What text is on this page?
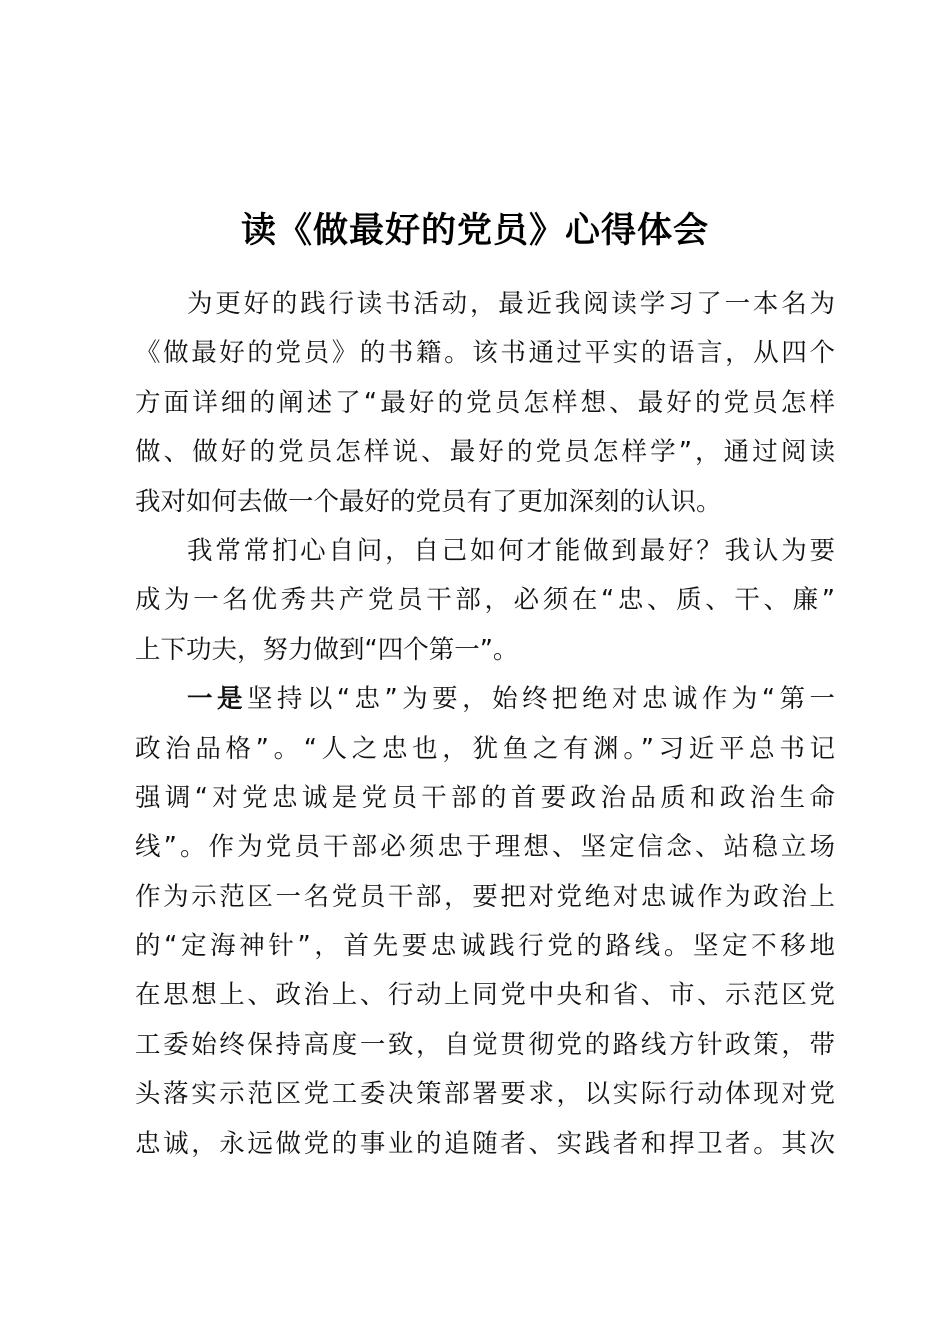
读《做最好的党员》心得体会
为更好的践行读书活动，最近我阅读学习了一本名为
《做最好的党员》的书籍。该书通过平实的语言，从四个
方面详细的阐述了“最好的党员怎样想、最好的党员怎样
做、做好的党员怎样说、最好的党员怎样学”，通过阅读
我对如何去做一个最好的党员有了更加深刻的认识。
我常常扪心自问，自己如何才能做到最好？我认为要
成为一名优秀共产党员干部，必须在“忠、质、干、廉”
上下功夫，努力做到“四个第一”。
一是坚持以“忠”为要，始终把绝对忠诚作为“第一
政治品格”。“人之忠也，犹鱼之有渊。”习近平总书记
强调“对党忠诚是党员干部的首要政治品质和政治生命
线”。作为党员干部必须忠于理想、坚定信念、站稳立场
作为示范区一名党员干部，要把对党绝对忠诚作为政治上
的“定海神针”，首先要忠诚践行党的路线。坚定不移地
在思想上、政治上、行动上同党中央和省、市、示范区党
工委始终保持高度一致，自觉贯彻党的路线方针政策，带
头落实示范区党工委决策部署要求，以实际行动体现对党
忠诚，永远做党的事业的追随者、实践者和捍卫者。其次
